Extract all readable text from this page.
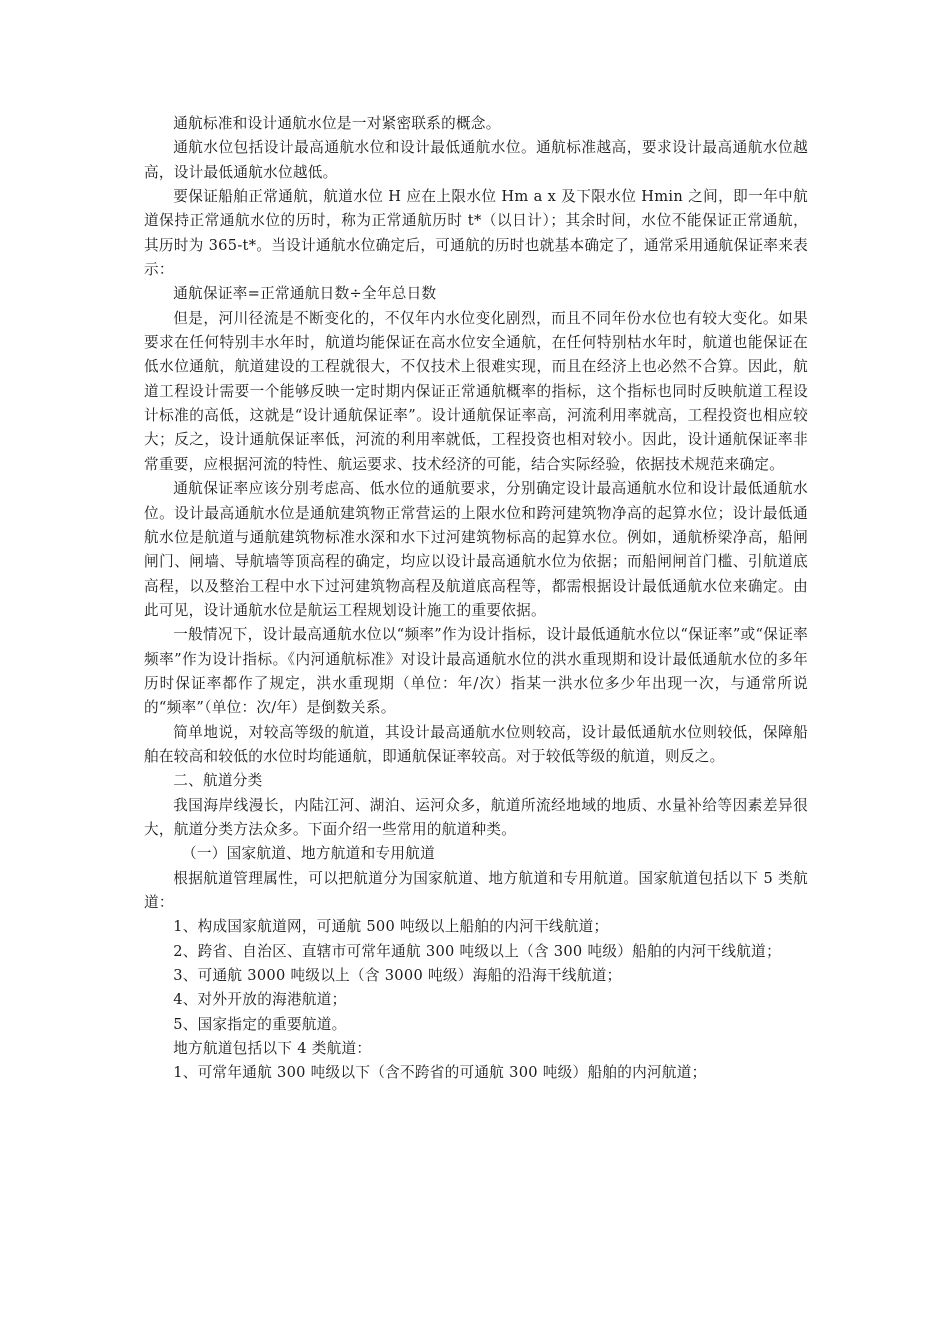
通航标准和设计通航水位是一对紧密联系的概念。

通航水位包括设计最高通航水位和设计最低通航水位。通航标准越高，要求设计最高通航水位越高，设计最低通航水位越低。

要保证船舶正常通航，航道水位 H 应在上限水位 Hm a x 及下限水位 Hmin 之间，即一年中航道保持正常通航水位的历时，称为正常通航历时 t*（以日计）；其余时间，水位不能保证正常通航，其历时为 365-t*。当设计通航水位确定后，可通航的历时也就基本确定了，通常采用通航保证率来表示：

通航保证率=正常通航日数÷全年总日数

但是，河川径流是不断变化的，不仅年内水位变化剧烈，而且不同年份水位也有较大变化。如果要求在任何特别丰水年时，航道均能保证在高水位安全通航，在任何特别枯水年时，航道也能保证在低水位通航，航道建设的工程就很大，不仅技术上很难实现，而且在经济上也必然不合算。因此，航道工程设计需要一个能够反映一定时期内保证正常通航概率的指标，这个指标也同时反映航道工程设计标准的高低，这就是“设计通航保证率”。设计通航保证率高，河流利用率就高，工程投资也相应较大；反之，设计通航保证率低，河流的利用率就低，工程投资也相对较小。因此，设计通航保证率非常重要，应根据河流的特性、航运要求、技术经济的可能，结合实际经验，依据技术规范来确定。

通航保证率应该分别考虑高、低水位的通航要求，分别确定设计最高通航水位和设计最低通航水位。设计最高通航水位是通航建筑物正常营运的上限水位和跨河建筑物净高的起算水位；设计最低通航水位是航道与通航建筑物标准水深和水下过河建筑物标高的起算水位。例如，通航桥梁净高，船闸闸门、闸墙、导航墙等顶高程的确定，均应以设计最高通航水位为依据；而船闸闸首门槛、引航道底高程，以及整治工程中水下过河建筑物高程及航道底高程等，都需根据设计最低通航水位来确定。由此可见，设计通航水位是航运工程规划设计施工的重要依据。

一般情况下，设计最高通航水位以“频率”作为设计指标，设计最低通航水位以“保证率”或“保证率频率”作为设计指标。《内河通航标准》对设计最高通航水位的洪水重现期和设计最低通航水位的多年历时保证率都作了规定，洪水重现期（单位：年/次）指某一洪水位多少年出现一次，与通常所说的“频率”（单位：次/年）是倒数关系。

简单地说，对较高等级的航道，其设计最高通航水位则较高，设计最低通航水位则较低，保障船舶在较高和较低的水位时均能通航，即通航保证率较高。对于较低等级的航道，则反之。

二、航道分类

我国海岸线漫长，内陆江河、湖泊、运河众多，航道所流经地域的地质、水量补给等因素差异很大，航道分类方法众多。下面介绍一些常用的航道种类。

（一）国家航道、地方航道和专用航道

根据航道管理属性，可以把航道分为国家航道、地方航道和专用航道。国家航道包括以下 5 类航道：

1、构成国家航道网，可通航 500 吨级以上船舶的内河干线航道；

2、跨省、自治区、直辖市可常年通航 300 吨级以上（含 300 吨级）船舶的内河干线航道；

3、可通航 3000 吨级以上（含 3000 吨级）海船的沿海干线航道；

4、对外开放的海港航道；

5、国家指定的重要航道。

地方航道包括以下 4 类航道：

1、可常年通航 300 吨级以下（含不跨省的可通航 300 吨级）船舶的内河航道；
